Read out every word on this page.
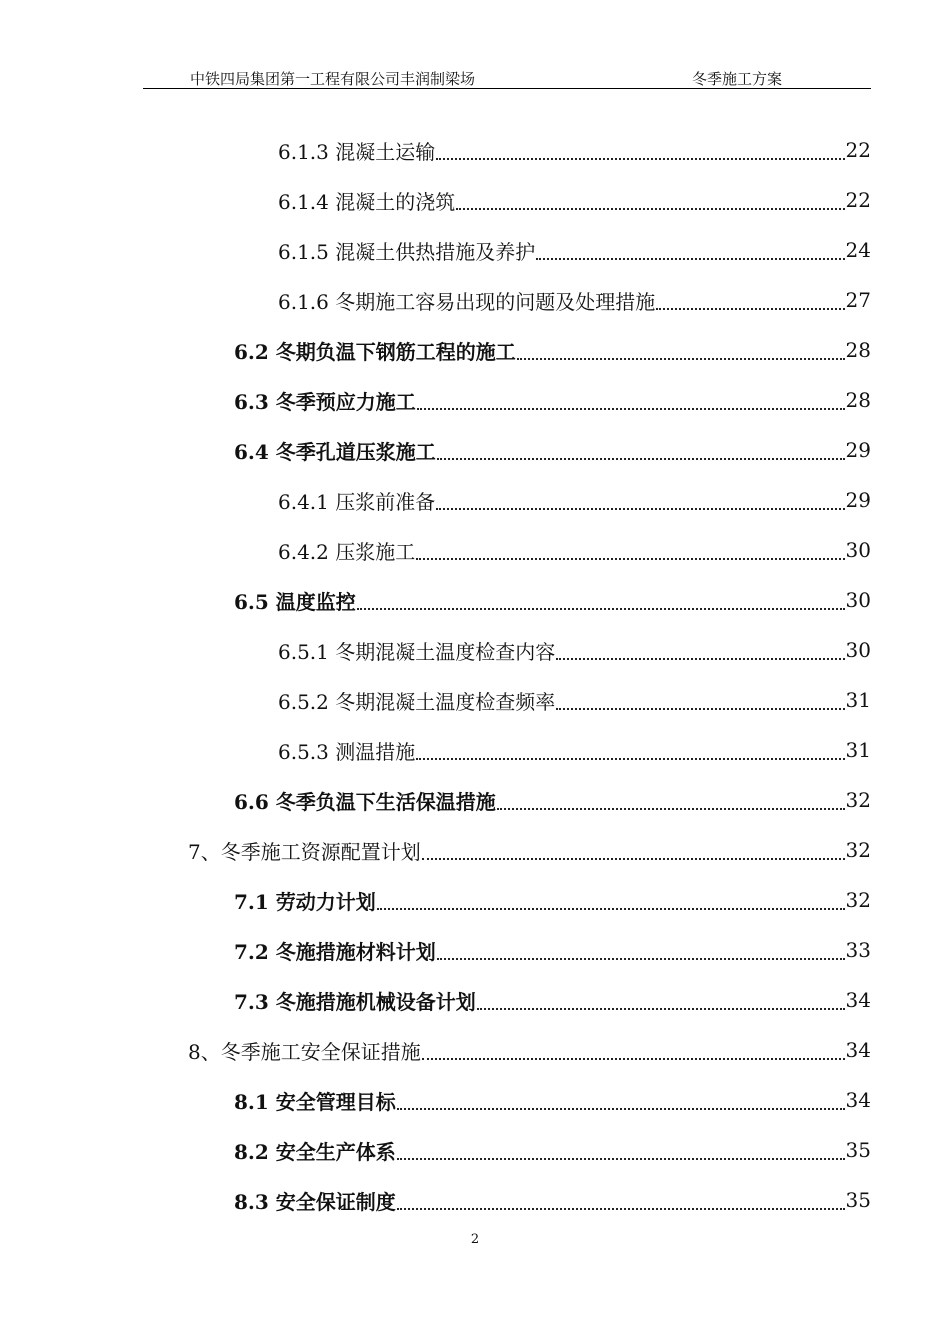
中铁四局集团第一工程有限公司丰润制梁场	冬季施工方案
6.1.3 混凝土运输	22
6.1.4 混凝土的浇筑	22
6.1.5 混凝土供热措施及养护	24
6.1.6 冬期施工容易出现的问题及处理措施	27
6.2 冬期负温下钢筋工程的施工	28
6.3 冬季预应力施工	28
6.4 冬季孔道压浆施工	29
6.4.1 压浆前准备	29
6.4.2 压浆施工	30
6.5 温度监控	30
6.5.1 冬期混凝土温度检查内容	30
6.5.2 冬期混凝土温度检查频率	31
6.5.3 测温措施	31
6.6 冬季负温下生活保温措施	32
7、冬季施工资源配置计划	32
7.1 劳动力计划	32
7.2 冬施措施材料计划	33
7.3 冬施措施机械设备计划	34
8、冬季施工安全保证措施	34
8.1 安全管理目标	34
8.2 安全生产体系	35
8.3 安全保证制度	35
2
